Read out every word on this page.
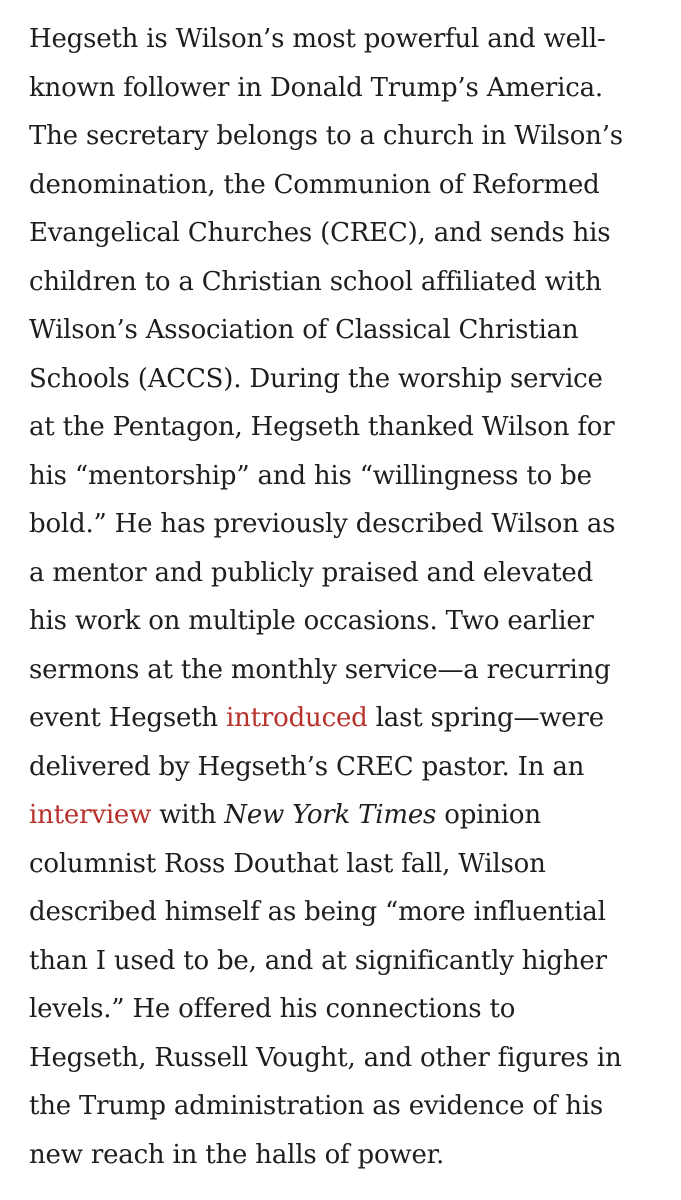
Hegseth is Wilson’s most powerful and well-
known follower in Donald Trump’s America.
The secretary belongs to a church in Wilson’s
denomination, the Communion of Reformed
Evangelical Churches (CREC), and sends his
children to a Christian school affiliated with
Wilson’s Association of Classical Christian
Schools (ACCS). During the worship service
at the Pentagon, Hegseth thanked Wilson for
his “mentorship” and his “willingness to be
bold.” He has previously described Wilson as
a mentor and publicly praised and elevated
his work on multiple occasions. Two earlier
sermons at the monthly service—a recurring
event Hegseth introduced last spring—were
delivered by Hegseth’s CREC pastor. In an
interview with New York Times opinion
columnist Ross Douthat last fall, Wilson
described himself as being “more influential
than I used to be, and at significantly higher
levels.” He offered his connections to
Hegseth, Russell Vought, and other figures in
the Trump administration as evidence of his
new reach in the halls of power.
